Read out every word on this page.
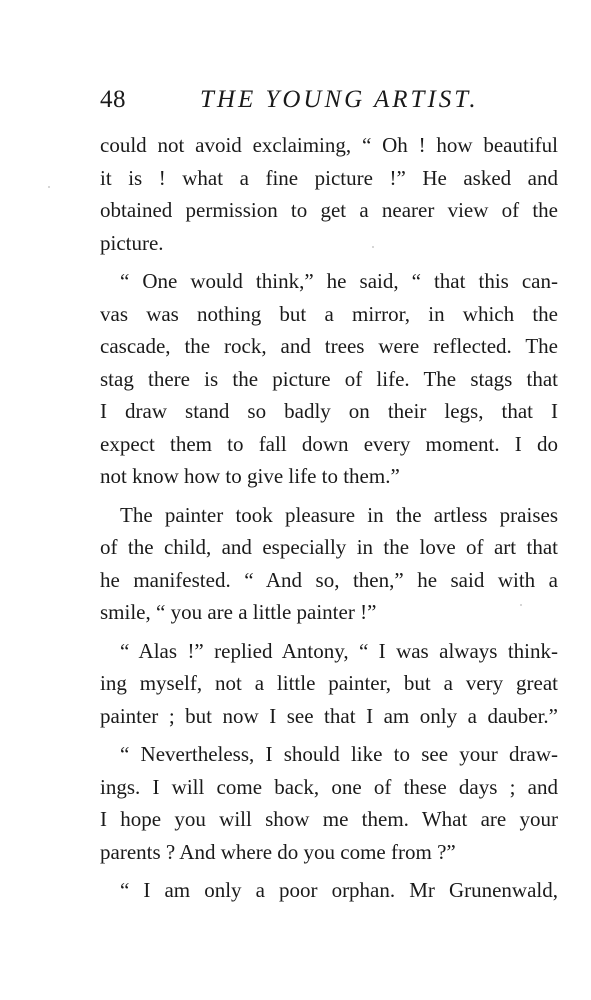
48	THE YOUNG ARTIST.
could not avoid exclaiming, “ Oh ! how beautiful
it is ! what a fine picture !” He asked and
obtained permission to get a nearer view of the
picture.
“ One would think,” he said, “ that this can-
vas was nothing but a mirror, in which the
cascade, the rock, and trees were reflected. The
stag there is the picture of life. The stags that
I draw stand so badly on their legs, that I
expect them to fall down every moment. I do
not know how to give life to them.”
The painter took pleasure in the artless praises
of the child, and especially in the love of art that
he manifested. “ And so, then,” he said with a
smile, “ you are a little painter !”
“ Alas !” replied Antony, “ I was always think-
ing myself, not a little painter, but a very great
painter ; but now I see that I am only a dauber.”
“ Nevertheless, I should like to see your draw-
ings. I will come back, one of these days ; and
I hope you will show me them. What are your
parents ? And where do you come from ?”
“ I am only a poor orphan. Mr Grunenwald,
